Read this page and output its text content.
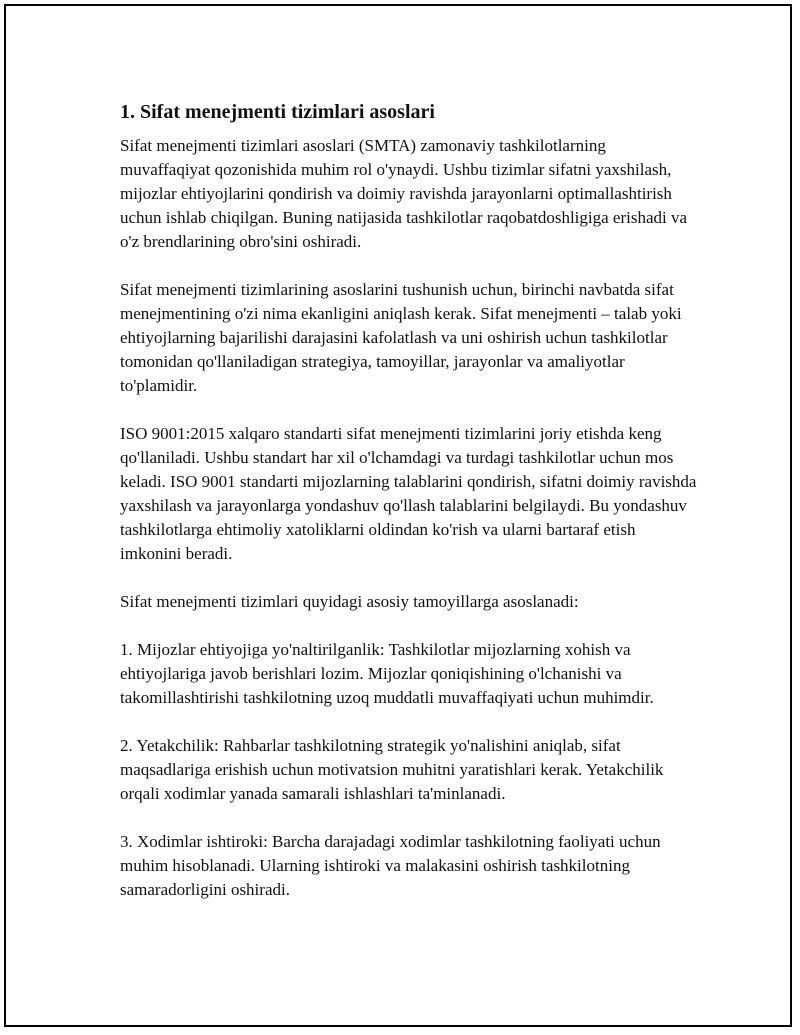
1. Sifat menejmenti tizimlari asoslari

Sifat menejmenti tizimlari asoslari (SMTA) zamonaviy tashkilotlarning muvaffaqiyat qozonishida muhim rol o'ynaydi. Ushbu tizimlar sifatni yaxshilash, mijozlar ehtiyojlarini qondirish va doimiy ravishda jarayonlarni optimallashtirish uchun ishlab chiqilgan. Buning natijasida tashkilotlar raqobatdoshligiga erishadi va o'z brendlarining obro'sini oshiradi.

Sifat menejmenti tizimlarining asoslarini tushunish uchun, birinchi navbatda sifat menejmentining o'zi nima ekanligini aniqlash kerak. Sifat menejmenti – talab yoki ehtiyojlarning bajarilishi darajasini kafolatlash va uni oshirish uchun tashkilotlar tomonidan qo'llaniladigan strategiya, tamoyillar, jarayonlar va amaliyotlar to'plamidir.

ISO 9001:2015 xalqaro standarti sifat menejmenti tizimlarini joriy etishda keng qo'llaniladi. Ushbu standart har xil o'lchamdagi va turdagi tashkilotlar uchun mos keladi. ISO 9001 standarti mijozlarning talablarini qondirish, sifatni doimiy ravishda yaxshilash va jarayonlarga yondashuv qo'llash talablarini belgilaydi. Bu yondashuv tashkilotlarga ehtimoliy xatoliklarni oldindan ko'rish va ularni bartaraf etish imkonini beradi.

Sifat menejmenti tizimlari quyidagi asosiy tamoyillarga asoslanadi:

1. Mijozlar ehtiyojiga yo'naltirilganlik: Tashkilotlar mijozlarning xohish va ehtiyojlariga javob berishlari lozim. Mijozlar qoniqishining o'lchanishi va takomillashtirishi tashkilotning uzoq muddatli muvaffaqiyati uchun muhimdir.

2. Yetakchilik: Rahbarlar tashkilotning strategik yo'nalishini aniqlab, sifat maqsadlariga erishish uchun motivatsion muhitni yaratishlari kerak. Yetakchilik orqali xodimlar yanada samarali ishlashlari ta'minlanadi.

3. Xodimlar ishtiroki: Barcha darajadagi xodimlar tashkilotning faoliyati uchun muhim hisoblanadi. Ularning ishtiroki va malakasini oshirish tashkilotning samaradorligini oshiradi.
